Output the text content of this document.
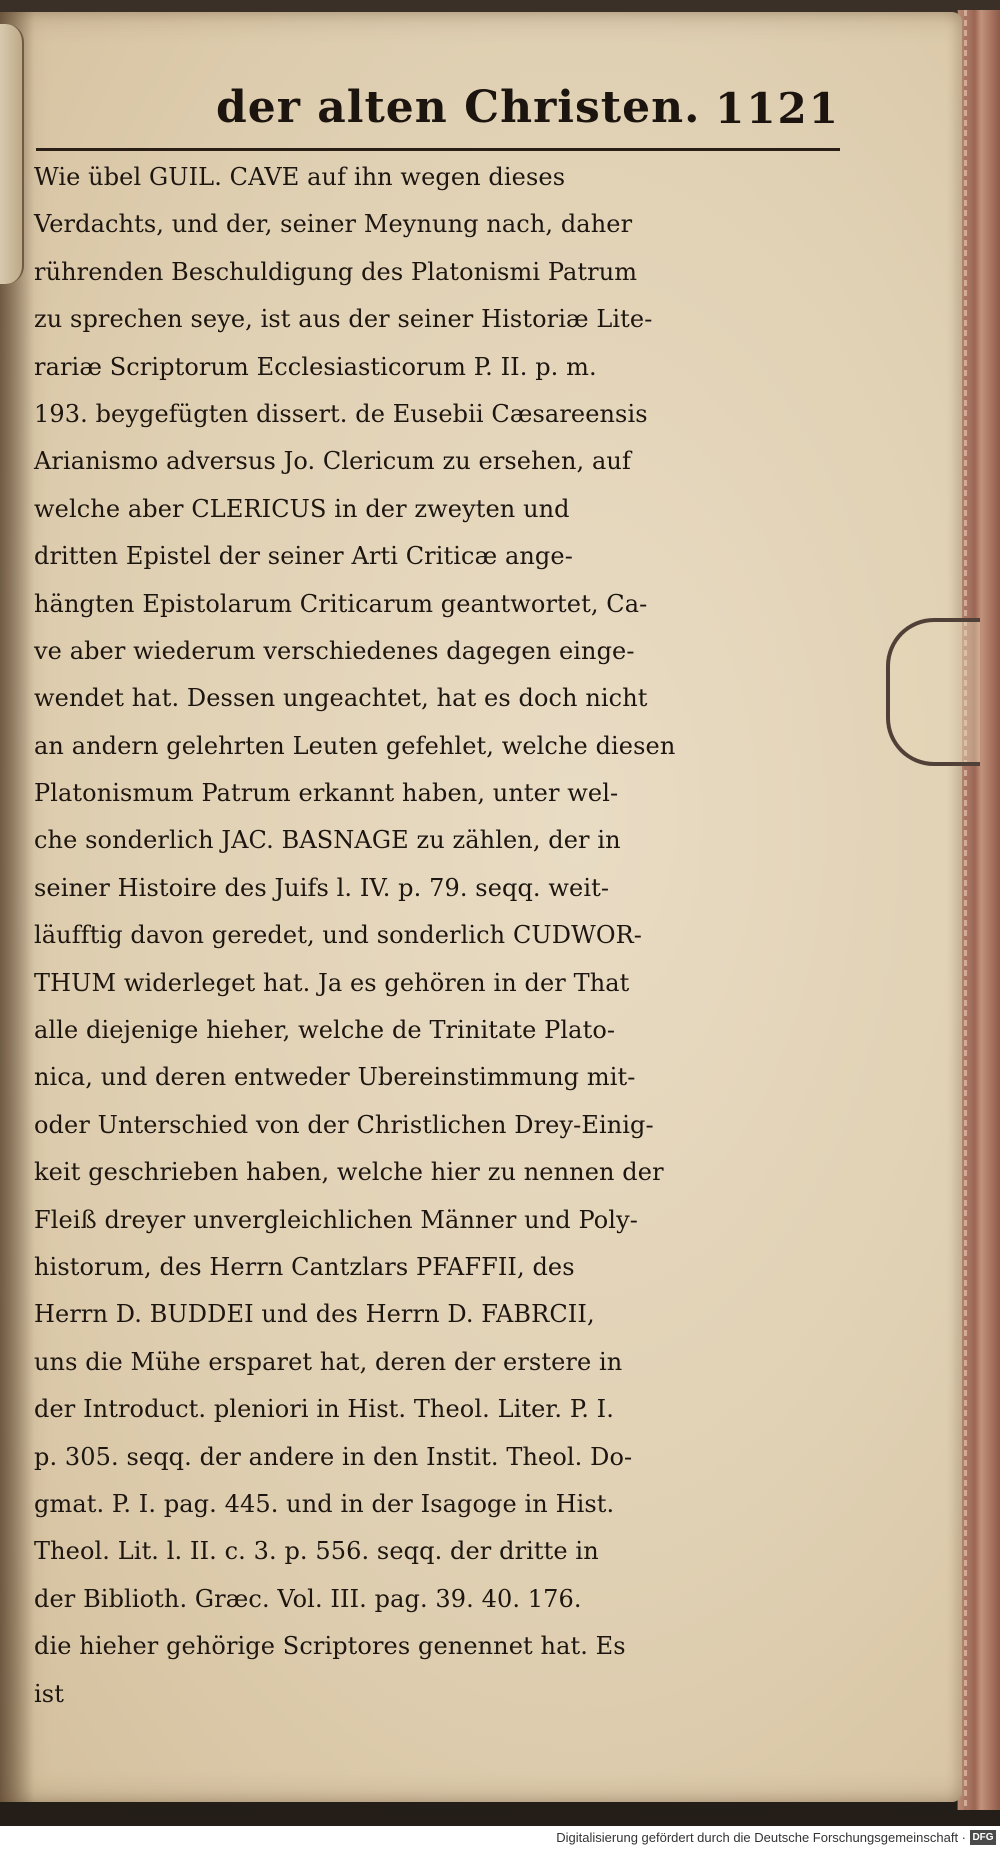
der alten Christen. 1121
Wie übel GUIL. CAVE auf ihn wegen dieses
Verdachts, und der, seiner Meynung nach, daher
rührenden Beschuldigung des Platonismi Patrum
zu sprechen seye, ist aus der seiner Historiæ Lite-
rariæ Scriptorum Ecclesiasticorum P. II. p. m.
193. beygefügten dissert. de Eusebii Cæsareensis
Arianismo adversus Jo. Clericum zu ersehen, auf
welche aber CLERICUS in der zweyten und
dritten Epistel der seiner Arti Criticæ ange-
hängten Epistolarum Criticarum geantwortet, Ca-
ve aber wiederum verschiedenes dagegen einge-
wendet hat. Dessen ungeachtet, hat es doch nicht
an andern gelehrten Leuten gefehlet, welche diesen
Platonismum Patrum erkannt haben, unter wel-
che sonderlich JAC. BASNAGE zu zählen, der in
seiner Histoire des Juifs l. IV. p. 79. seqq. weit-
läufftig davon geredet, und sonderlich CUDWOR-
THUM widerleget hat. Ja es gehören in der That
alle diejenige hieher, welche de Trinitate Plato-
nica, und deren entweder Ubereinstimmung mit-
oder Unterschied von der Christlichen Drey-Einig-
keit geschrieben haben, welche hier zu nennen der
Fleiß dreyer unvergleichlichen Männer und Poly-
historum, des Herrn Cantzlars PFAFFII, des
Herrn D. BUDDEI und des Herrn D. FABRCII,
uns die Mühe ersparet hat, deren der erstere in
der Introduct. pleniori in Hist. Theol. Liter. P. I.
p. 305. seqq. der andere in den Instit. Theol. Do-
gmat. P. I. pag. 445. und in der Isagoge in Hist.
Theol. Lit. l. II. c. 3. p. 556. seqq. der dritte in
der Biblioth. Græc. Vol. III. pag. 39. 40. 176.
die hieher gehörige Scriptores genennet hat. Es
ist
Digitalisierung gefördert durch die Deutsche Forschungsgemeinschaft · DFG
